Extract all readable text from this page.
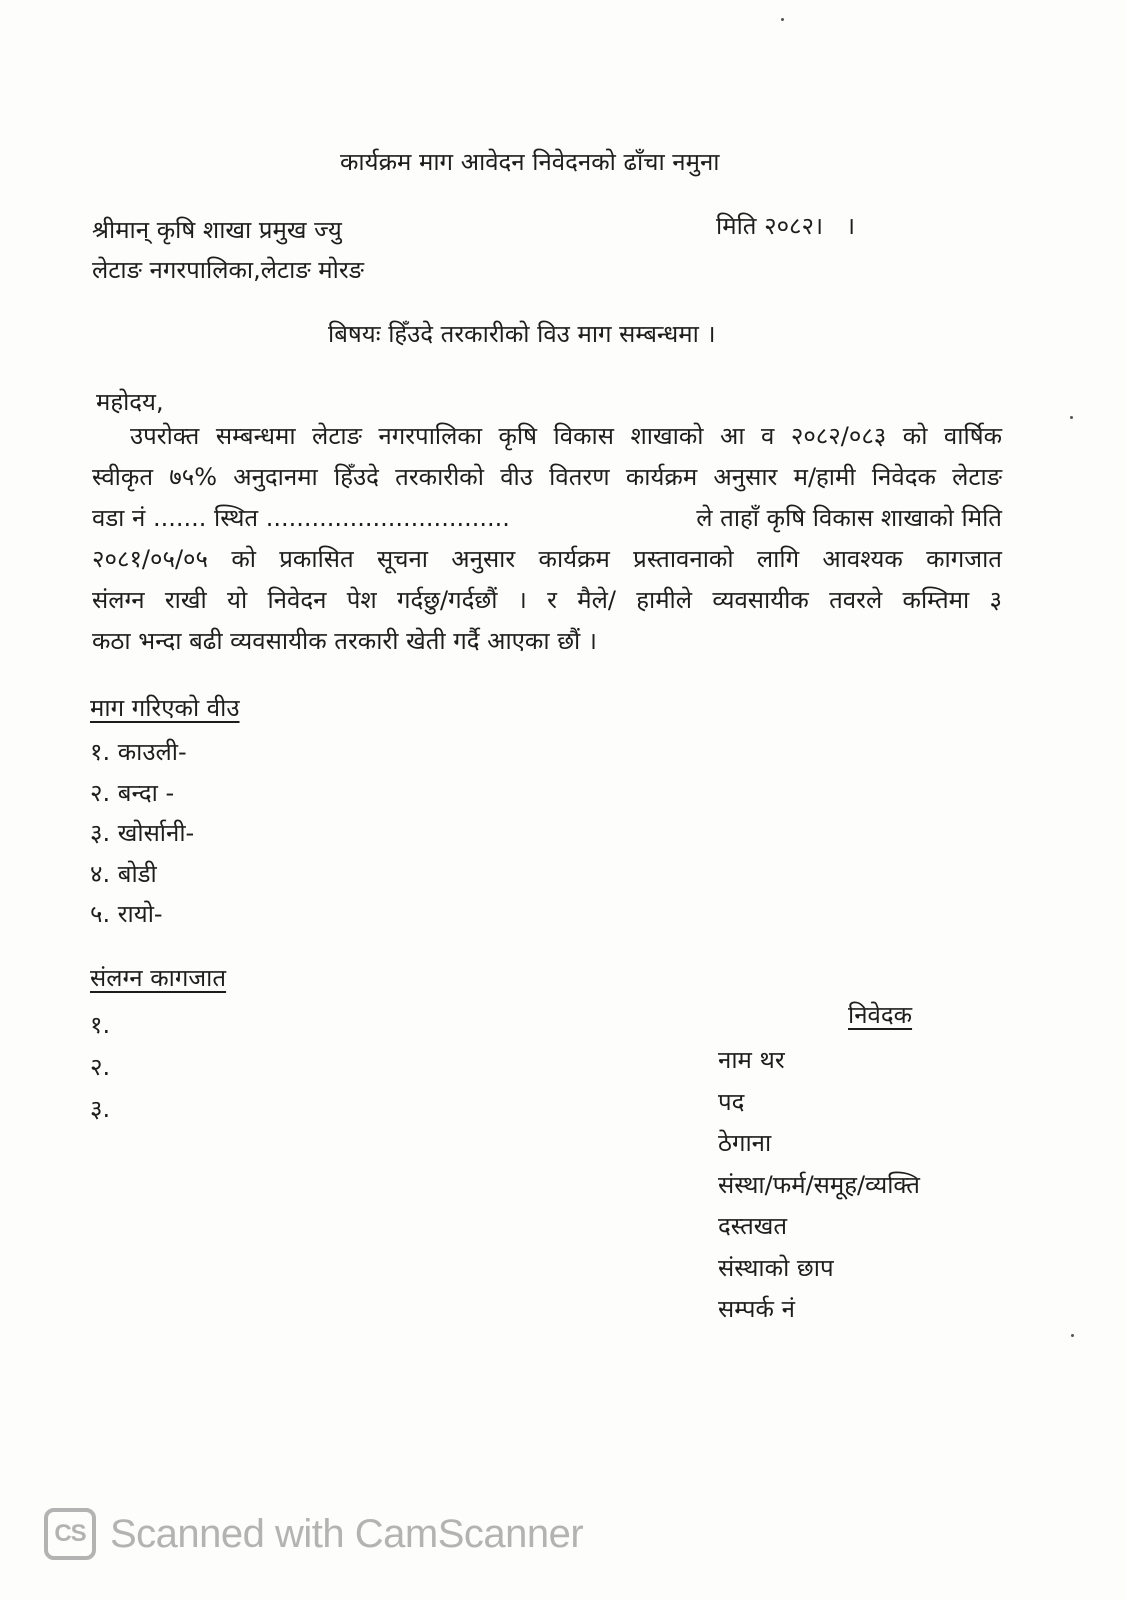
कार्यक्रम माग आवेदन निवेदनको ढाँचा नमुना
श्रीमान् कृषि शाखा प्रमुख ज्यु
लेटाङ नगरपालिका,लेटाङ मोरङ
मिति २०८२।   ।
बिषयः हिँउदे तरकारीको विउ माग सम्बन्धमा ।
महोदय,
उपरोक्त सम्बन्धमा लेटाङ नगरपालिका कृषि विकास शाखाको आ व २०८२/०८३ को वार्षिक
स्वीकृत ७५% अनुदानमा हिँउदे तरकारीको वीउ वितरण कार्यक्रम अनुसार म/हामी निवेदक लेटाङ
वडा नं ....... स्थित ................................	ले ताहाँ कृषि विकास शाखाको मिति
२०८१/०५/०५ को प्रकासित सूचना अनुसार कार्यक्रम प्रस्तावनाको लागि आवश्यक कागजात
संलग्न राखी यो निवेदन पेश गर्दछु/गर्दछौं । र मैले/ हामीले व्यवसायीक तवरले कम्तिमा ३
कठा भन्दा बढी व्यवसायीक तरकारी खेती गर्दै आएका छौं ।
माग गरिएको वीउ
१. काउली-
२. बन्दा -
३. खोर्सानी-
४. बोडी
५. रायो-
संलग्न कागजात
१.
२.
३.
निवेदक
नाम थर
पद
ठेगाना
संस्था/फर्म/समूह/व्यक्ति
दस्तखत
संस्थाको छाप
सम्पर्क नं
CS Scanned with CamScanner
